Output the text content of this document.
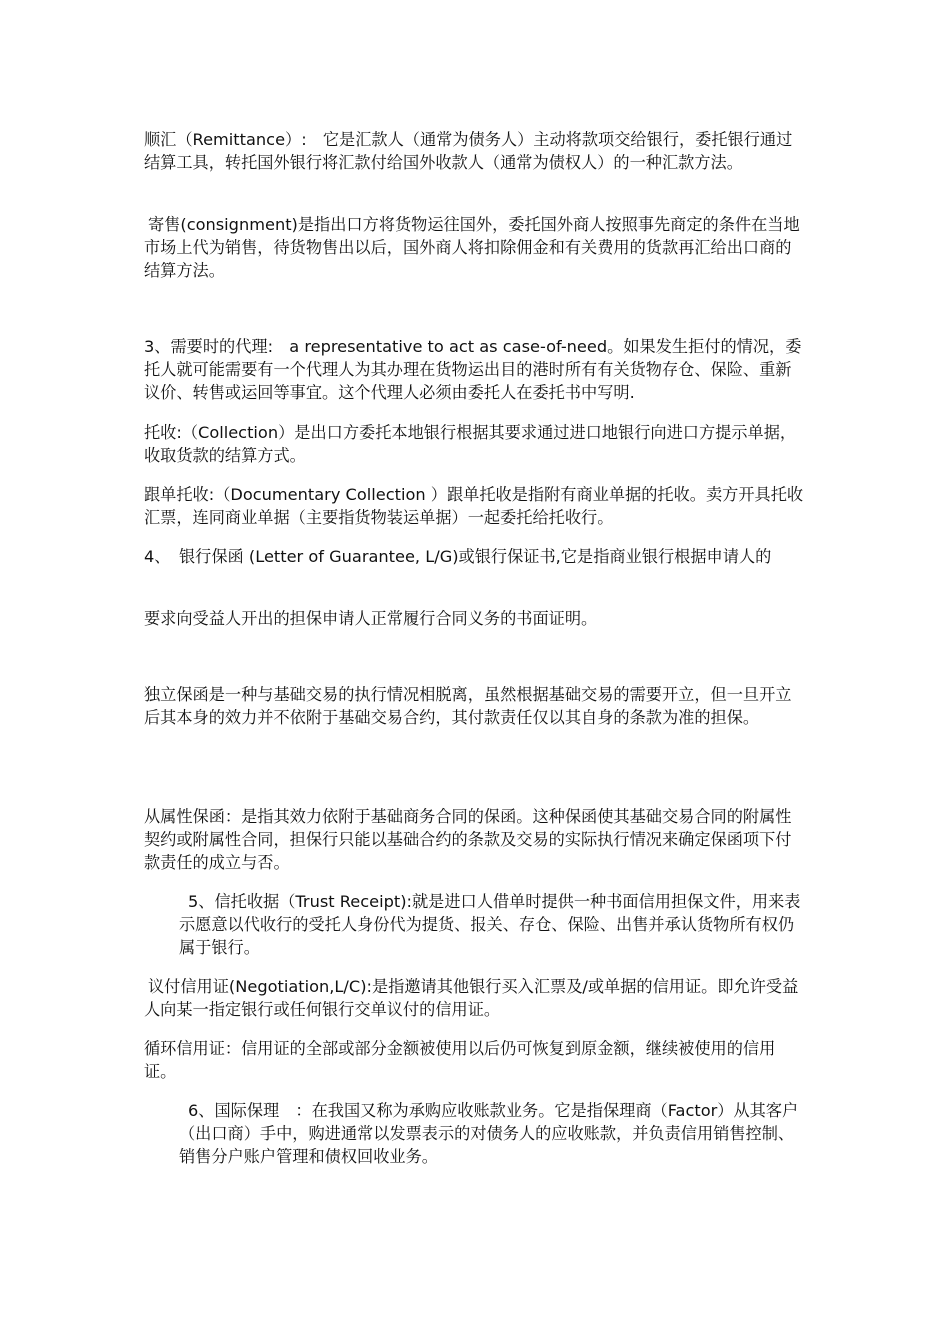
顺汇（Remittance）:　它是汇款人（通常为债务人）主动将款项交给银行，委托银行通过结算工具，转托国外银行将汇款付给国外收款人（通常为债权人）的一种汇款方法。

寄售(consignment)是指出口方将货物运往国外，委托国外商人按照事先商定的条件在当地市场上代为销售，待货物售出以后，国外商人将扣除佣金和有关费用的货款再汇给出口商的结算方法。

3、需要时的代理:　a representative to act as case-of-need。如果发生拒付的情况，委托人就可能需要有一个代理人为其办理在货物运出目的港时所有有关货物存仓、保险、重新议价、转售或运回等事宜。这个代理人必须由委托人在委托书中写明.

托收:（Collection）是出口方委托本地银行根据其要求通过进口地银行向进口方提示单据，收取货款的结算方式。

跟单托收:（Documentary Collection ）跟单托收是指附有商业单据的托收。卖方开具托收汇票，连同商业单据（主要指货物装运单据）一起委托给托收行。

4、 银行保函 (Letter of Guarantee, L/G)或银行保证书,它是指商业银行根据申请人的

要求向受益人开出的担保申请人正常履行合同义务的书面证明。

独立保函是一种与基础交易的执行情况相脱离，虽然根据基础交易的需要开立，但一旦开立后其本身的效力并不依附于基础交易合约，其付款责任仅以其自身的条款为准的担保。

从属性保函：是指其效力依附于基础商务合同的保函。这种保函使其基础交易合同的附属性契约或附属性合同，担保行只能以基础合约的条款及交易的实际执行情况来确定保函项下付款责任的成立与否。

5、信托收据（Trust Receipt):就是进口人借单时提供一种书面信用担保文件，用来表示愿意以代收行的受托人身份代为提货、报关、存仓、保险、出售并承认货物所有权仍属于银行。

议付信用证(Negotiation,L/C):是指邀请其他银行买入汇票及/或单据的信用证。即允许受益人向某一指定银行或任何银行交单议付的信用证。

循环信用证：信用证的全部或部分金额被使用以后仍可恢复到原金额，继续被使用的信用证。

6、国际保理　：在我国又称为承购应收账款业务。它是指保理商（Factor）从其客户（出口商）手中，购进通常以发票表示的对债务人的应收账款，并负责信用销售控制、销售分户账户管理和债权回收业务。
